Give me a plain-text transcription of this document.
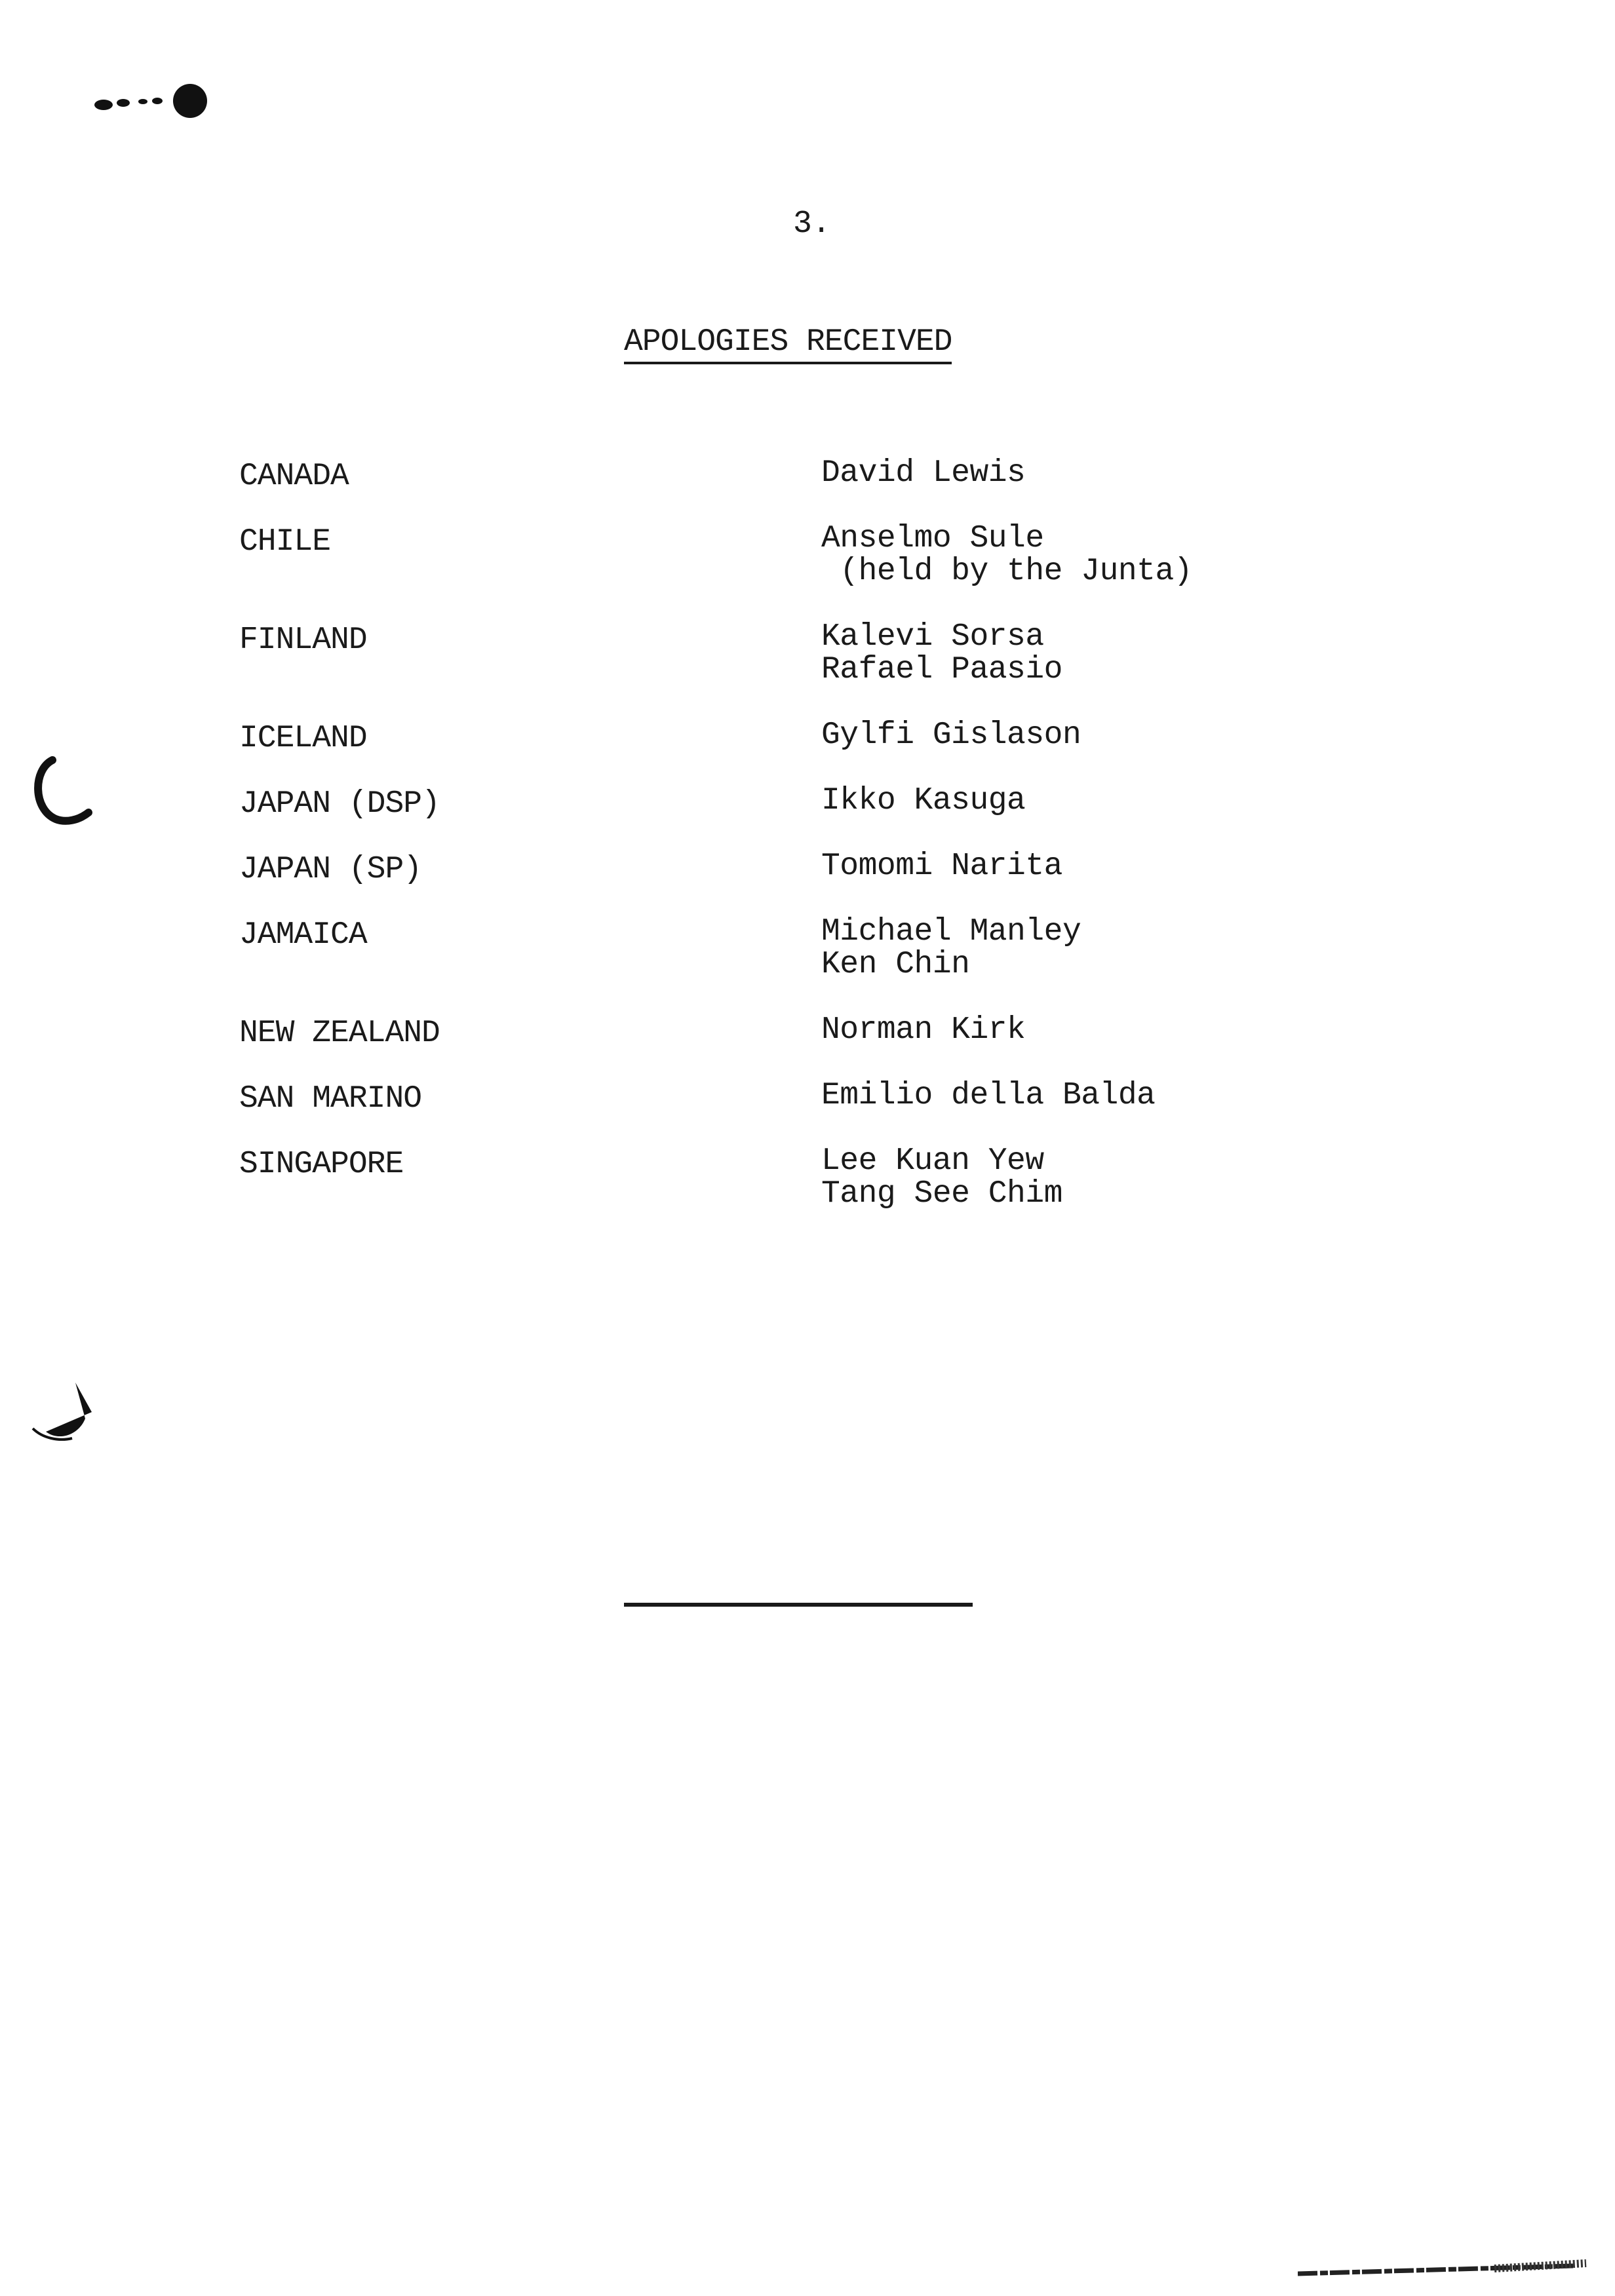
3.
APOLOGIES RECEIVED
CANADA	David Lewis
CHILE	Anselmo Sule
(held by the Junta)
FINLAND	Kalevi Sorsa
Rafael Paasio
ICELAND	Gylfi Gislason
JAPAN (DSP)	Ikko Kasuga
JAPAN (SP)	Tomomi Narita
JAMAICA	Michael Manley
Ken Chin
NEW ZEALAND	Norman Kirk
SAN MARINO	Emilio della Balda
SINGAPORE	Lee Kuan Yew
Tang See Chim
